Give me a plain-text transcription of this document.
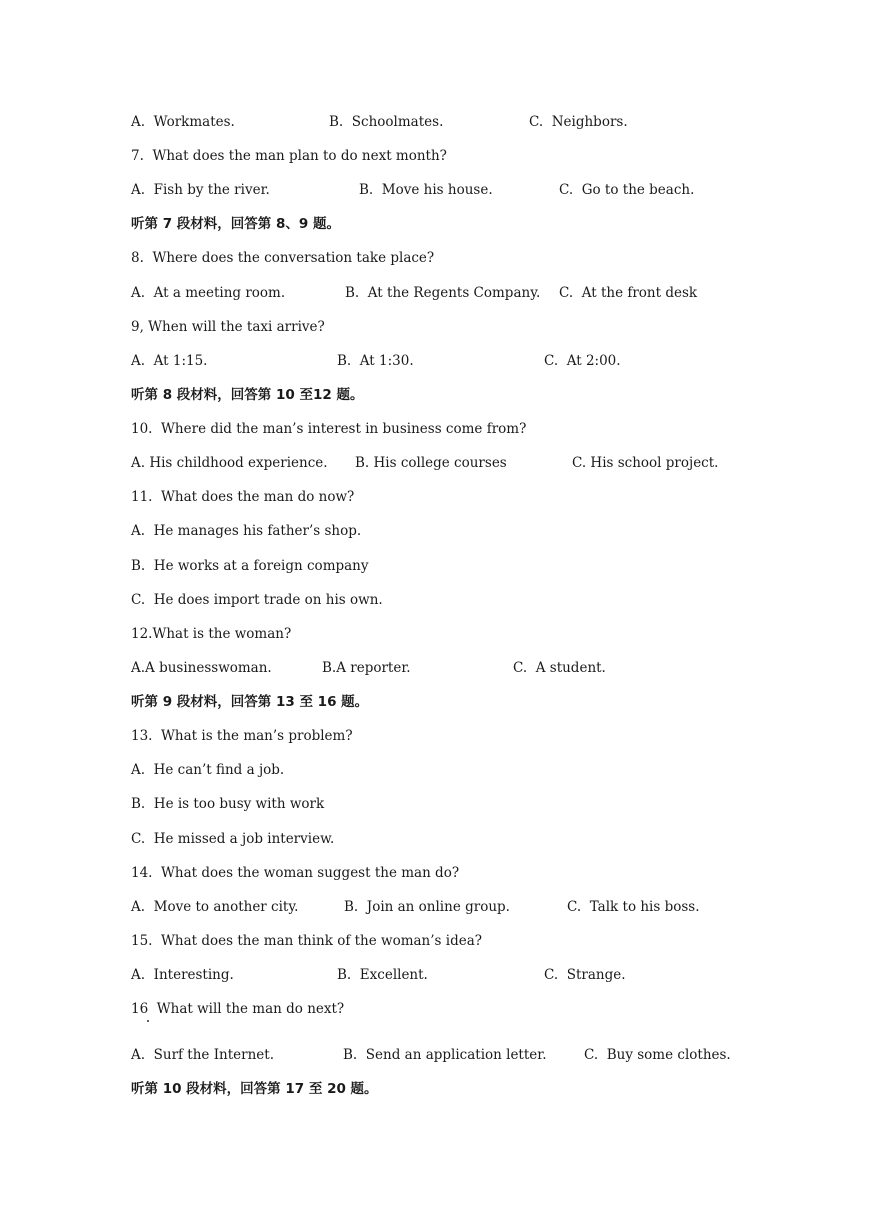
A.  Workmates.

	B.  Schoolmates.

	C.  Neighbors.

7.  What does the man plan to do next month?

A.  Fish by the river.

	B.  Move his house.

	C.  Go to the beach.

听第 7 段材料，回答第 8、9 题。
8.  Where does the conversation take place?

A.  At a meeting room.

	B.  At the Regents Company.

C.  At the front desk

9, When will the taxi arrive?

A.  At 1:15.

	B.  At 1:30.

	C.  At 2:00.

听第 8 段材料，回答第 10 至12 题。
10.  Where did the man’s interest in business come from?

A. His childhood experience.

B. His college courses

	C. His school project.

11.  What does the man do now?
A.  He manages his father’s shop.
B.  He works at a foreign company
C.  He does import trade on his own.
12.What is the woman?

A.A businesswoman.

	B.A reporter.

	C.  A student.

听第 9 段材料，回答第 13 至 16 题。
13.  What is the man’s problem?
A.  He can’t find a job.
B.  He is too busy with work
C.  He missed a job interview.
14.  What does the woman suggest the man do?

A.  Move to another city.

	B.  Join an online group.

	C.  Talk to his boss.

15.  What does the man think of the woman’s idea?

A.  Interesting.

	B.  Excellent.

	C.  Strange.

16  What will the man do next?

A.  Surf the Internet.

	B.  Send an application letter.

	C.  Buy some clothes.

听第 10 段材料，回答第 17 至 20 题。
